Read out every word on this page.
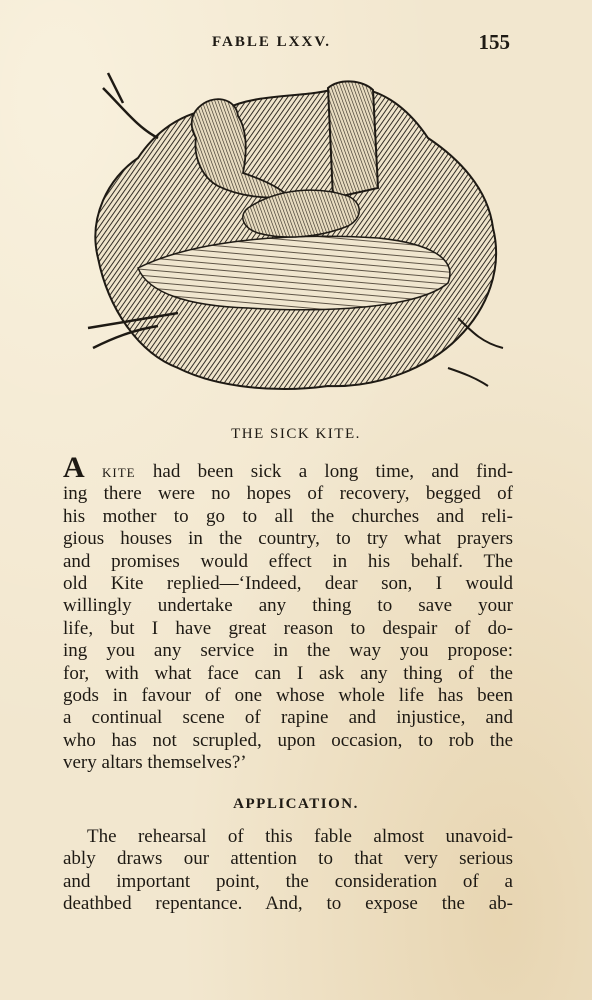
FABLE LXXV.	155
THE SICK KITE.
A kite had been sick a long time, and find-
ing there were no hopes of recovery, begged of
his mother to go to all the churches and reli-
gious houses in the country, to try what prayers
and promises would effect in his behalf. The
old Kite replied—‘Indeed, dear son, I would
willingly undertake any thing to save your
life, but I have great reason to despair of do-
ing you any service in the way you propose:
for, with what face can I ask any thing of the
gods in favour of one whose whole life has been
a continual scene of rapine and injustice, and
who has not scrupled, upon occasion, to rob the
very altars themselves?’
APPLICATION.
The rehearsal of this fable almost unavoid-
ably draws our attention to that very serious
and important point, the consideration of a
deathbed repentance. And, to expose the ab-
